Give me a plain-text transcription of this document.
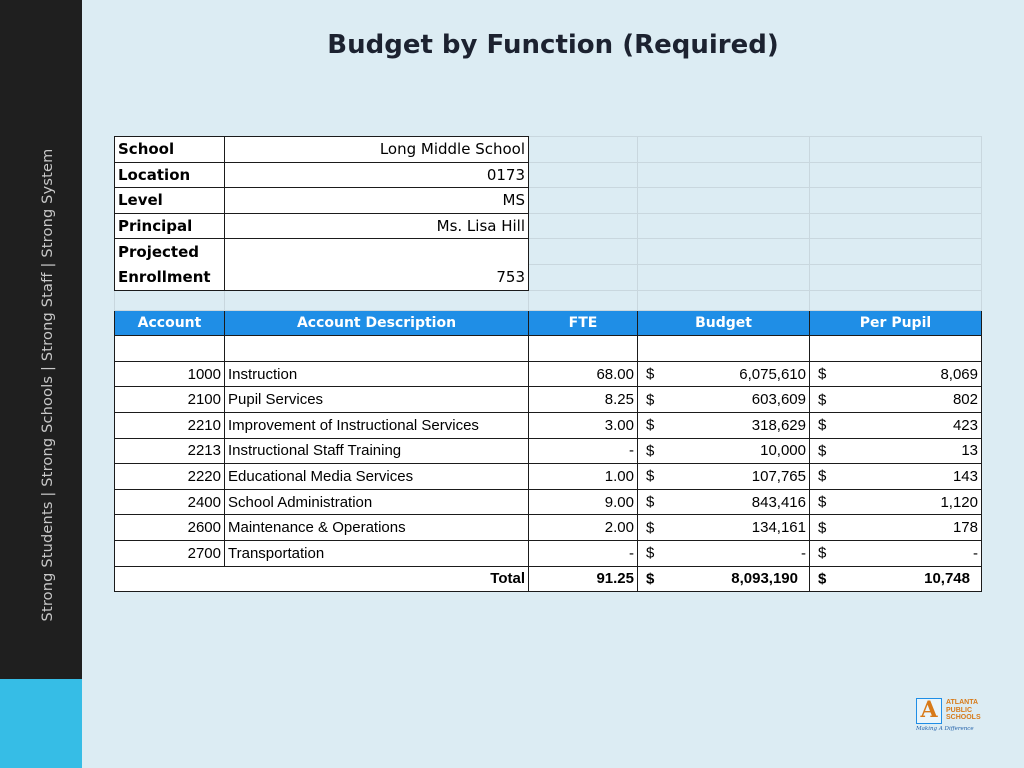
Strong Students | Strong Schools | Strong Staff | Strong System
Budget by Function (Required)
School	Long Middle School			
Location	0173			
Level	MS			
Principal	Ms. Lisa Hill			
Projected				
Enrollment	753			

Account	Account Description	FTE	Budget	Per Pupil

1000	Instruction	68.00	$ 6,075,610	$ 8,069

2100	Pupil Services	8.25	$ 603,609	$ 802

2210	Improvement of Instructional Services	3.00	$ 318,629	$ 423

2213	Instructional Staff Training	-	$ 10,000	$ 13

2220	Educational Media Services	1.00	$ 107,765	$ 143

2400	School Administration	9.00	$ 843,416	$ 1,120

2600	Maintenance & Operations	2.00	$ 134,161	$ 178

2700	Transportation	-	$ -	$ -

Total		91.25	$ 8,093,190	$ 10,748
A	ATLANTA
PUBLIC
SCHOOLS
Making A Difference
